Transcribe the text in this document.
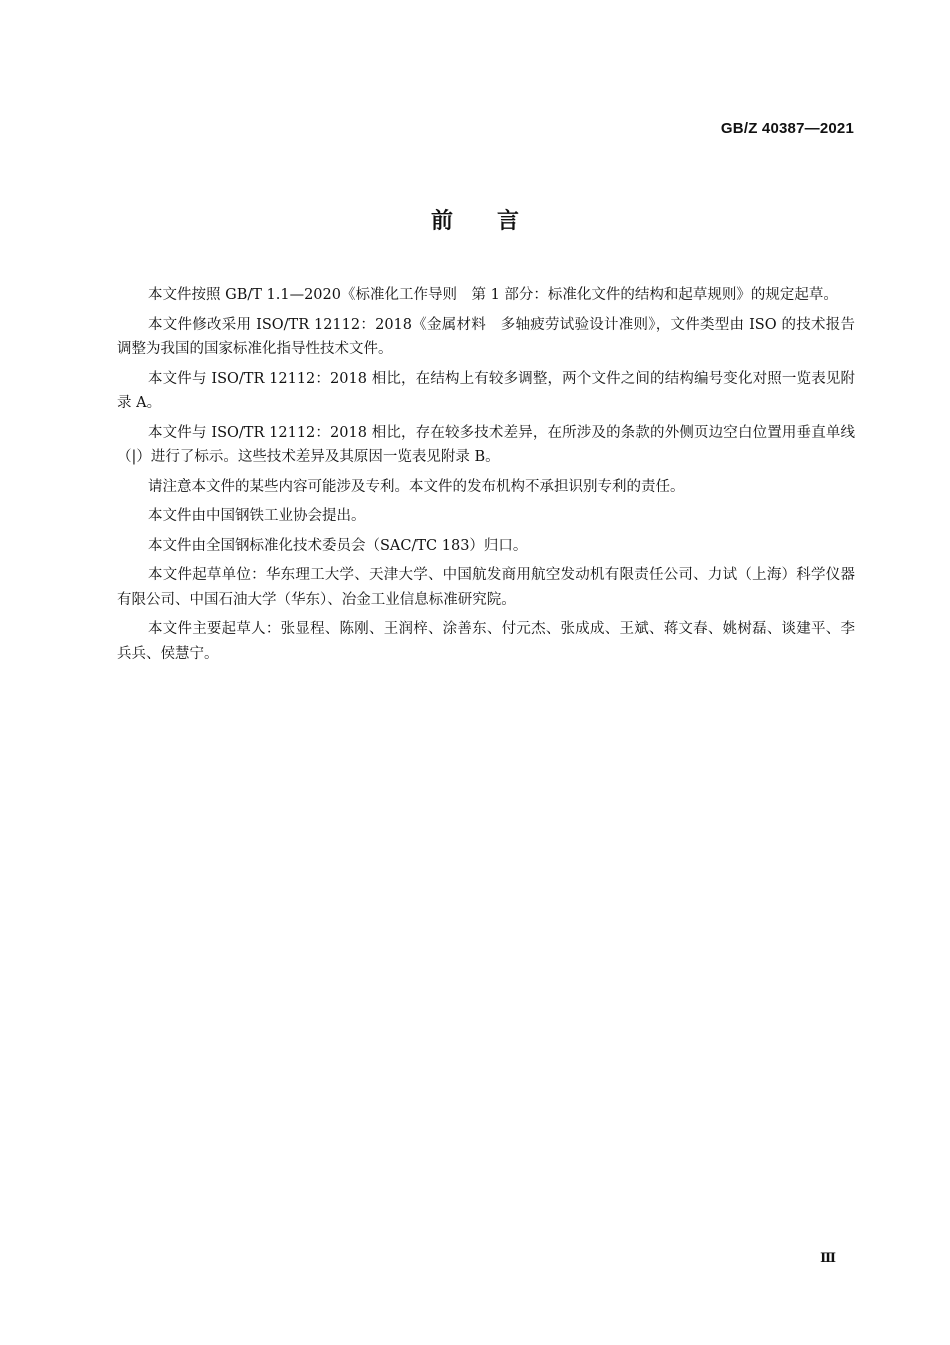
GB/Z 40387—2021
前言

本文件按照 GB/T 1.1—2020《标准化工作导则　第 1 部分：标准化文件的结构和起草规则》的规定起草。

本文件修改采用 ISO/TR 12112：2018《金属材料　多轴疲劳试验设计准则》，文件类型由 ISO 的技术报告调整为我国的国家标准化指导性技术文件。

本文件与 ISO/TR 12112：2018 相比，在结构上有较多调整，两个文件之间的结构编号变化对照一览表见附录 A。

本文件与 ISO/TR 12112：2018 相比，存在较多技术差异，在所涉及的条款的外侧页边空白位置用垂直单线（|）进行了标示。这些技术差异及其原因一览表见附录 B。

请注意本文件的某些内容可能涉及专利。本文件的发布机构不承担识别专利的责任。

本文件由中国钢铁工业协会提出。

本文件由全国钢标准化技术委员会（SAC/TC 183）归口。

本文件起草单位：华东理工大学、天津大学、中国航发商用航空发动机有限责任公司、力试（上海）科学仪器有限公司、中国石油大学（华东）、冶金工业信息标准研究院。

本文件主要起草人：张显程、陈刚、王润梓、涂善东、付元杰、张成成、王斌、蒋文春、姚树磊、谈建平、李兵兵、侯慧宁。

Ⅲ
